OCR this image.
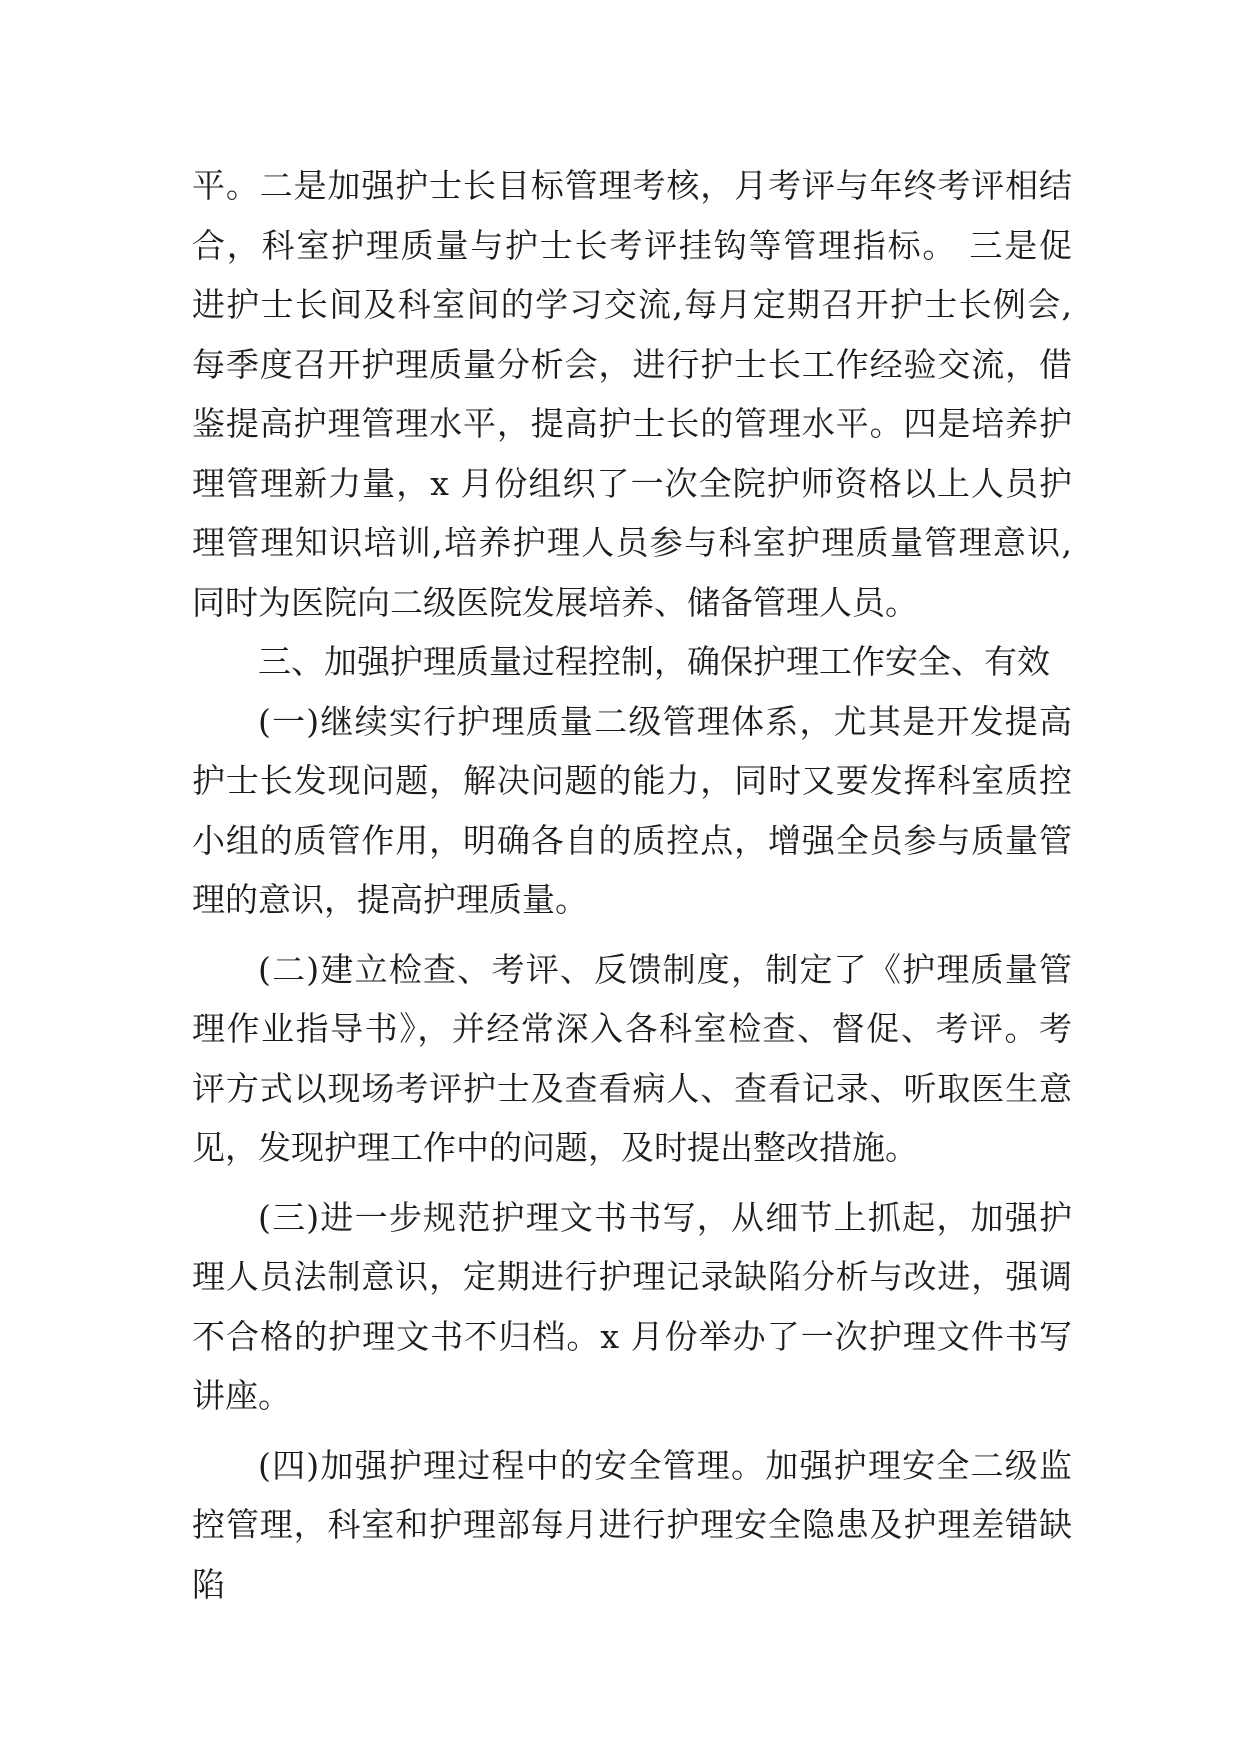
平。二是加强护士长目标管理考核，月考评与年终考评相结
合，科室护理质量与护士长考评挂钩等管理指标。 三是促
进护士长间及科室间的学习交流,每月定期召开护士长例会,
每季度召开护理质量分析会，进行护士长工作经验交流，借
鉴提高护理管理水平，提高护士长的管理水平。四是培养护
理管理新力量，x 月份组织了一次全院护师资格以上人员护
理管理知识培训,培养护理人员参与科室护理质量管理意识,
同时为医院向二级医院发展培养、储备管理人员。
三、加强护理质量过程控制，确保护理工作安全、有效
(一)继续实行护理质量二级管理体系，尤其是开发提高
护士长发现问题，解决问题的能力，同时又要发挥科室质控
小组的质管作用，明确各自的质控点，增强全员参与质量管
理的意识，提高护理质量。
(二)建立检查、考评、反馈制度，制定了《护理质量管
理作业指导书》，并经常深入各科室检查、督促、考评。考
评方式以现场考评护士及查看病人、查看记录、听取医生意
见，发现护理工作中的问题，及时提出整改措施。
(三)进一步规范护理文书书写，从细节上抓起，加强护
理人员法制意识，定期进行护理记录缺陷分析与改进，强调
不合格的护理文书不归档。x 月份举办了一次护理文件书写
讲座。
(四)加强护理过程中的安全管理。加强护理安全二级监
控管理，科室和护理部每月进行护理安全隐患及护理差错缺
陷
